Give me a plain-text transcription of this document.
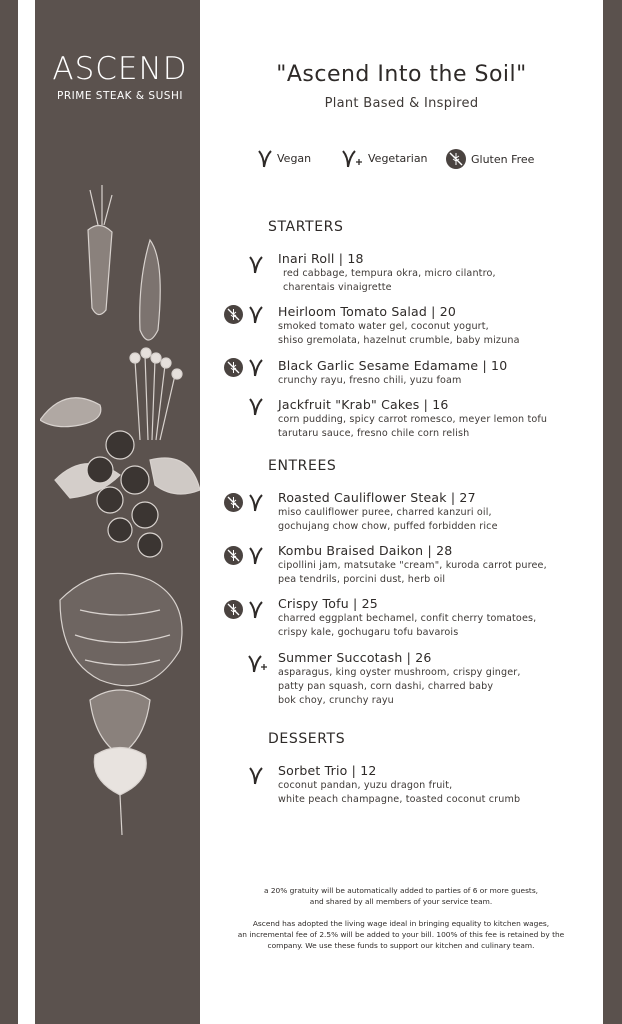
ASCEND
PRIME STEAK & SUSHI
"Ascend Into the Soil"
Plant Based & Inspired
Vegan	Vegetarian	Gluten Free
STARTERS
Inari Roll | 18
red cabbage, tempura okra, micro cilantro,
charentais vinaigrette
Heirloom Tomato Salad | 20
smoked tomato water gel, coconut yogurt,
shiso gremolata, hazelnut crumble, baby mizuna
Black Garlic Sesame Edamame | 10
crunchy rayu, fresno chili, yuzu foam
Jackfruit "Krab" Cakes | 16
corn pudding, spicy carrot romesco, meyer lemon tofu
tarutaru sauce, fresno chile corn relish
ENTREES
Roasted Cauliflower Steak | 27
miso cauliflower puree, charred kanzuri oil,
gochujang chow chow, puffed forbidden rice
Kombu Braised Daikon | 28
cipollini jam, matsutake "cream", kuroda carrot puree,
pea tendrils, porcini dust, herb oil
Crispy Tofu | 25
charred eggplant bechamel, confit cherry tomatoes,
crispy kale, gochugaru tofu bavarois
Summer Succotash | 26
asparagus, king oyster mushroom, crispy ginger,
patty pan squash, corn dashi, charred baby
bok choy, crunchy rayu
DESSERTS
Sorbet Trio | 12
coconut pandan, yuzu dragon fruit,
white peach champagne, toasted coconut crumb
a 20% gratuity will be automatically added to parties of 6 or more guests,
and shared by all members of your service team.
Ascend has adopted the living wage ideal in bringing equality to kitchen wages,
an incremental fee of 2.5% will be added to your bill. 100% of this fee is retained by the
company. We use these funds to support our kitchen and culinary team.
